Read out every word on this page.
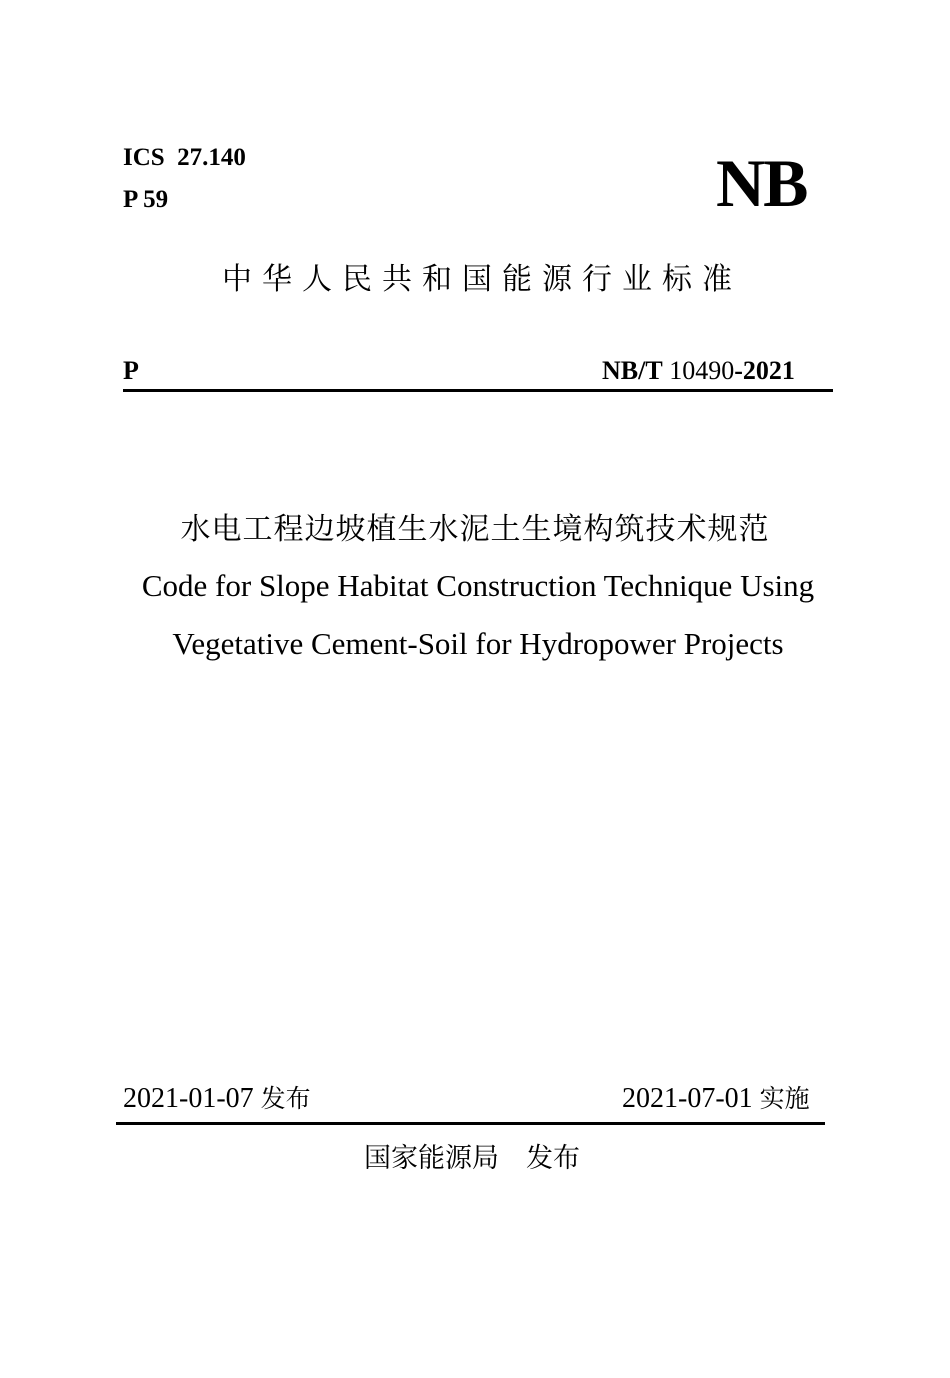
ICS  27.140
P 59	NB
中华人民共和国能源行业标准
P	NB/T 10490-2021
水电工程边坡植生水泥土生境构筑技术规范
Code for Slope Habitat Construction Technique Using
Vegetative Cement-Soil for Hydropower Projects
2021-01-07 发布	2021-07-01 实施
国家能源局　发布
